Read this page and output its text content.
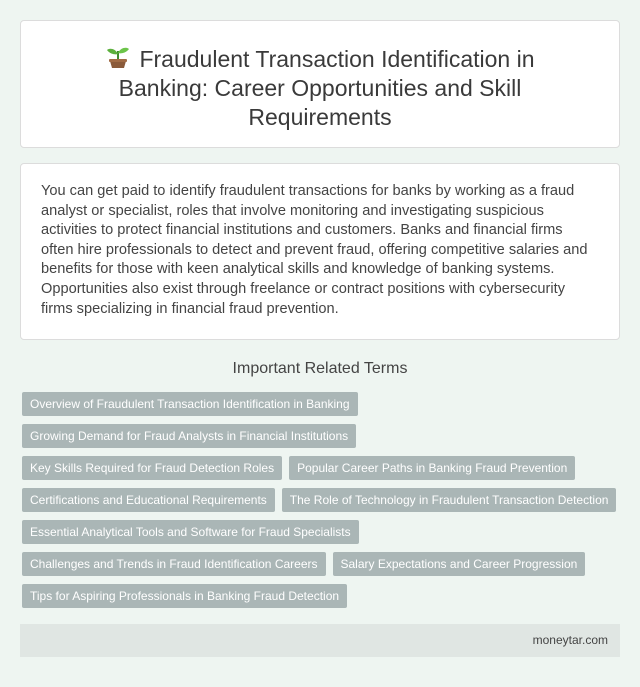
Fraudulent Transaction Identification in Banking: Career Opportunities and Skill Requirements

You can get paid to identify fraudulent transactions for banks by working as a fraud analyst or specialist, roles that involve monitoring and investigating suspicious activities to protect financial institutions and customers. Banks and financial firms often hire professionals to detect and prevent fraud, offering competitive salaries and benefits for those with keen analytical skills and knowledge of banking systems. Opportunities also exist through freelance or contract positions with cybersecurity firms specializing in financial fraud prevention.

Important Related Terms
Overview of Fraudulent Transaction Identification in Banking
Growing Demand for Fraud Analysts in Financial Institutions
Key Skills Required for Fraud Detection Roles	Popular Career Paths in Banking Fraud Prevention
Certifications and Educational Requirements	The Role of Technology in Fraudulent Transaction Detection
Essential Analytical Tools and Software for Fraud Specialists
Challenges and Trends in Fraud Identification Careers	Salary Expectations and Career Progression
Tips for Aspiring Professionals in Banking Fraud Detection
moneytar.com
